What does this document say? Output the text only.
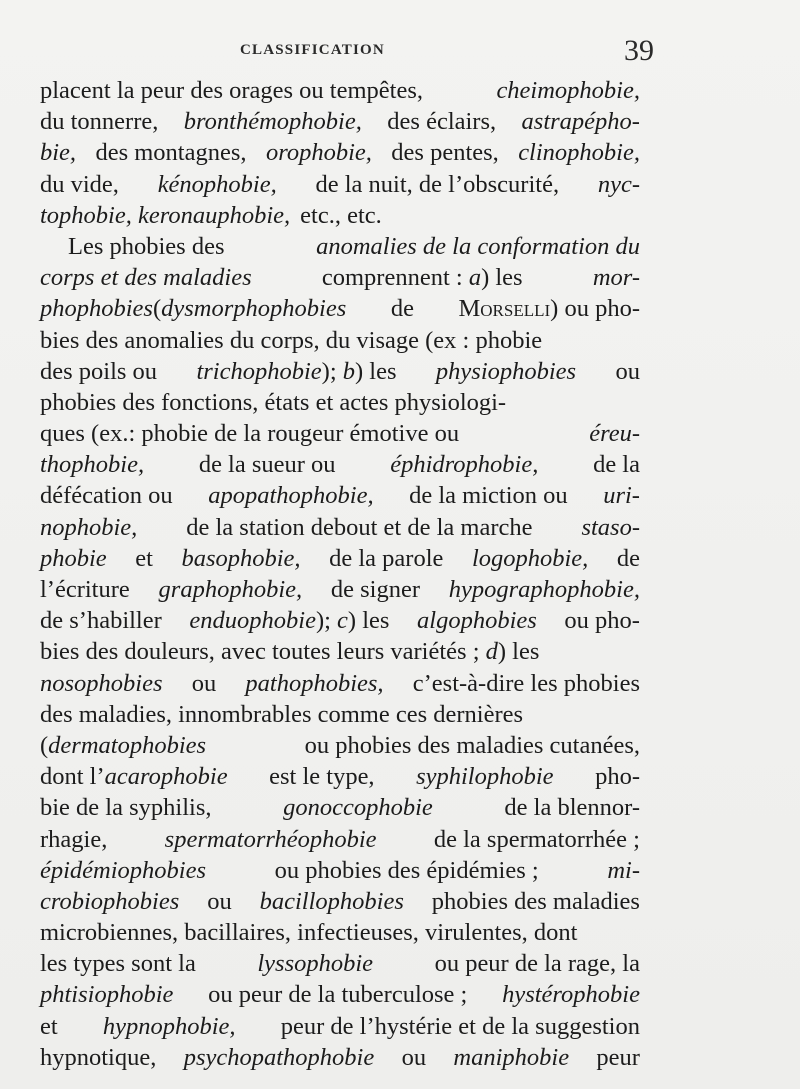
CLASSIFICATION	39
placent la peur des orages ou tempêtes,	cheimophobie,
du tonnerre, bronthémophobie, des éclairs, astrapépho-
bie, des montagnes, orophobie, des pentes, clinophobie,
du vide, kénophobie, de la nuit, de l’obscurité, nyc-
tophobie, keronauphobie, etc., etc.
Les phobies des	anomalies de la conformation du
corps et des maladies	comprennent : a) les	mor-
phophobies(dysmorphophobies de Morselli) ou pho-
bies des anomalies du corps, du visage (ex : phobie
des poils ou trichophobie); b) les physiophobies ou
phobies des fonctions, états et actes physiologi-
ques (ex.: phobie de la rougeur émotive ou	éreu-
thophobie, de la sueur ou éphidrophobie, de la
défécation ou apopathophobie, de la miction ou uri-
nophobie, de la station debout et de la marche staso-
phobie et basophobie, de la parole logophobie, de
l’écriture graphophobie, de signer hypographophobie,
de s’habiller enduophobie); c) les algophobies ou pho-
bies des douleurs, avec toutes leurs variétés ; d) les
nosophobies ou pathophobies, c’est-à-dire les phobies
des maladies, innombrables comme ces dernières
(dermatophobies	ou phobies des maladies cutanées,
dont l’acarophobie est le type, syphilophobie pho-
bie de la syphilis,	gonoccophobie	de la blennor-
rhagie, spermatorrhéophobie de la spermatorrhée ;
épidémiophobies	ou phobies des épidémies ;	mi-
crobiophobies ou bacillophobies phobies des maladies
microbiennes, bacillaires, infectieuses, virulentes, dont
les types sont la	lyssophobie	ou peur de la rage, la
phtisiophobie ou peur de la tuberculose ; hystérophobie
et hypnophobie, peur de l’hystérie et de la suggestion
hypnotique, psychopathophobie ou maniphobie peur
